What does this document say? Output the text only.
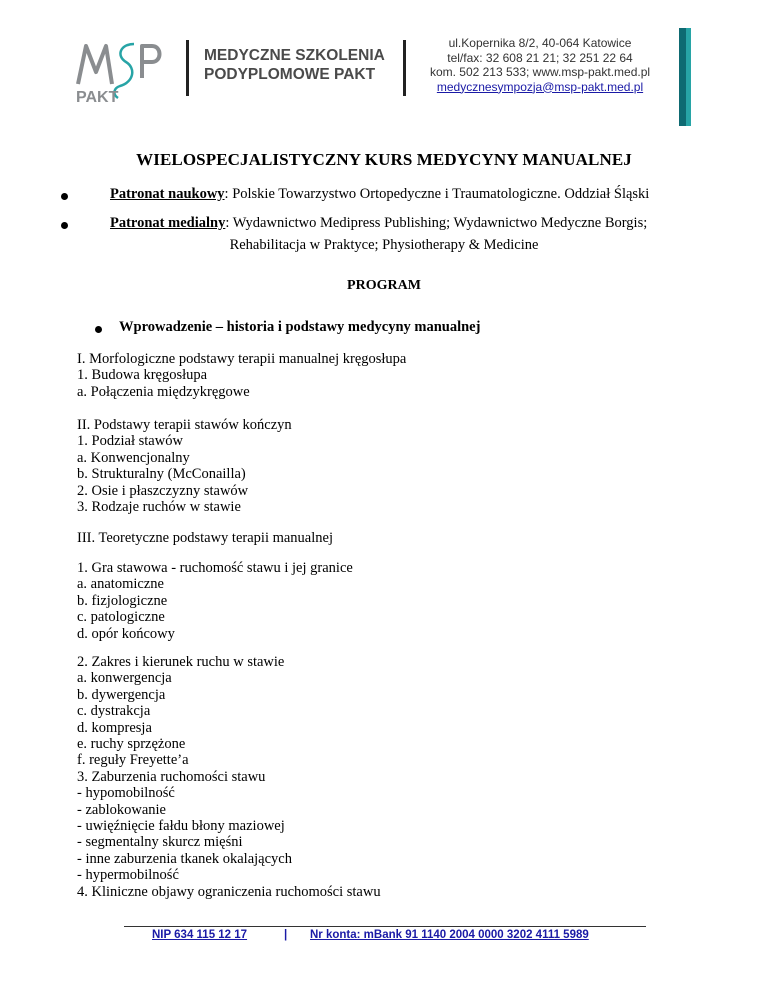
PAKT
MEDYCZNE SZKOLENIA
PODYPLOMOWE PAKT
ul.Kopernika 8/2, 40-064 Katowice
tel/fax: 32 608 21 21; 32 251 22 64
kom. 502 213 533; www.msp-pakt.med.pl
medycznesympozja@msp-pakt.med.pl
WIELOSPECJALISTYCZNY KURS MEDYCYNY MANUALNEJ
Patronat naukowy: Polskie Towarzystwo Ortopedyczne i Traumatologiczne. Oddział Śląski
Patronat medialny: Wydawnictwo Medipress Publishing; Wydawnictwo Medyczne Borgis;
Rehabilitacja w Praktyce; Physiotherapy & Medicine
PROGRAM
Wprowadzenie – historia i podstawy medycyny manualnej
I. Morfologiczne podstawy terapii manualnej kręgosłupa
1. Budowa kręgosłupa
a. Połączenia międzykręgowe
II. Podstawy terapii stawów kończyn
1. Podział stawów
a. Konwencjonalny
b. Strukturalny (McConailla)
2. Osie i płaszczyzny stawów
3. Rodzaje ruchów w stawie
III. Teoretyczne podstawy terapii manualnej
1. Gra stawowa - ruchomość stawu i jej granice
a. anatomiczne
b. fizjologiczne
c. patologiczne
d. opór końcowy
2. Zakres i kierunek ruchu w stawie
a. konwergencja
b. dywergencja
c. dystrakcja
d. kompresja
e. ruchy sprzężone
f. reguły Freyette’a
3. Zaburzenia ruchomości stawu
- hypomobilność
- zablokowanie
- uwięźnięcie fałdu błony maziowej
- segmentalny skurcz mięśni
- inne zaburzenia tkanek okalających
- hypermobilność
4. Kliniczne objawy ograniczenia ruchomości stawu
NIP 634 115 12 17	| Nr konta: mBank 91 1140 2004 0000 3202 4111 5989
